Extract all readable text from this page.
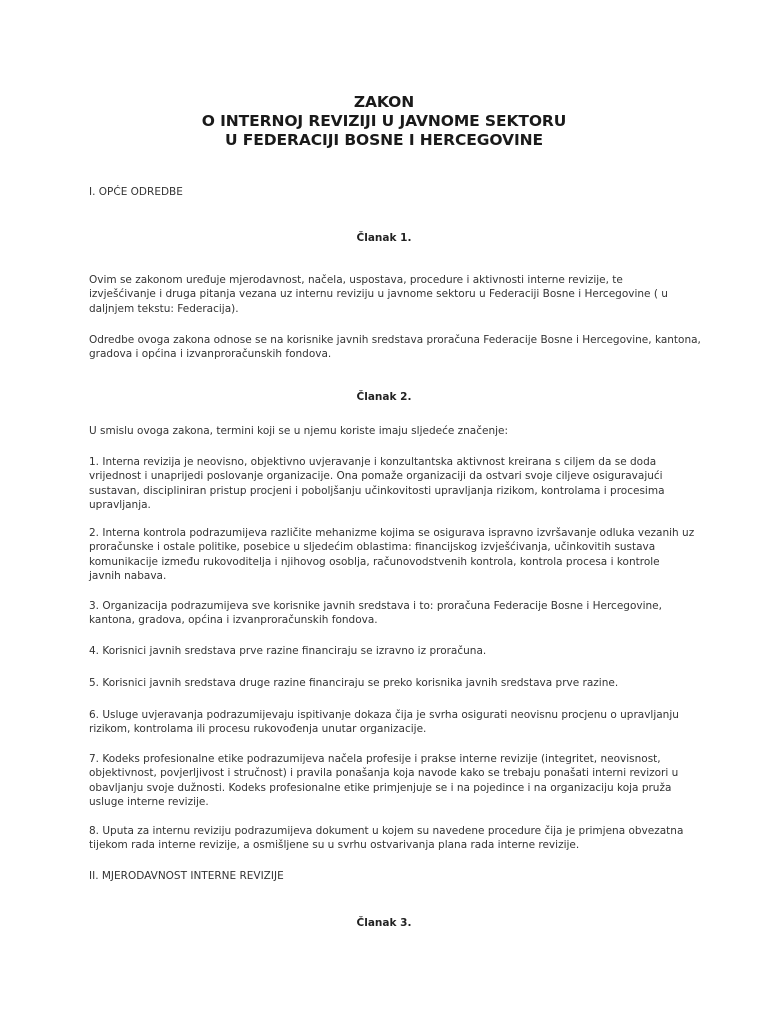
ZAKON
O INTERNOJ REVIZIJI U JAVNOME SEKTORU
U FEDERACIJI BOSNE I HERCEGOVINE
I. OPĆE ODREDBE
Članak 1.
Ovim se zakonom uređuje mjerodavnost, načela, uspostava, procedure i aktivnosti interne revizije, te
izvješćivanje i druga pitanja vezana uz internu reviziju u javnome sektoru u Federaciji Bosne i Hercegovine ( u
daljnjem tekstu: Federacija).
Odredbe ovoga zakona odnose se na korisnike javnih sredstava proračuna Federacije Bosne i Hercegovine, kantona,
gradova i općina i izvanproračunskih fondova.
Članak 2.
U smislu ovoga zakona, termini koji se u njemu koriste imaju sljedeće značenje:
1. Interna revizija je neovisno, objektivno uvjeravanje i konzultantska aktivnost kreirana s ciljem da se doda
vrijednost i unaprijedi poslovanje organizacije. Ona pomaže organizaciji da ostvari svoje ciljeve osiguravajući
sustavan, discipliniran pristup procjeni i poboljšanju učinkovitosti upravljanja rizikom, kontrolama i procesima
upravljanja.
2. Interna kontrola podrazumijeva različite mehanizme kojima se osigurava ispravno izvršavanje odluka vezanih uz
proračunske i ostale politike, posebice u sljedećim oblastima: financijskog izvješćivanja, učinkovitih sustava
komunikacije između rukovoditelja i njihovog osoblja, računovodstvenih kontrola, kontrola procesa i kontrole
javnih nabava.
3. Organizacija podrazumijeva sve korisnike javnih sredstava i to: proračuna Federacije Bosne i Hercegovine,
kantona, gradova, općina i izvanproračunskih fondova.
4. Korisnici javnih sredstava prve razine financiraju se izravno iz proračuna.
5. Korisnici javnih sredstava druge razine financiraju se preko korisnika javnih sredstava prve razine.
6. Usluge uvjeravanja podrazumijevaju ispitivanje dokaza čija je svrha osigurati neovisnu procjenu o upravljanju
rizikom, kontrolama ili procesu rukovođenja unutar organizacije.
7. Kodeks profesionalne etike podrazumijeva načela profesije i prakse interne revizije (integritet, neovisnost,
objektivnost, povjerljivost i stručnost) i pravila ponašanja koja navode kako se trebaju ponašati interni revizori u
obavljanju svoje dužnosti. Kodeks profesionalne etike primjenjuje se i na pojedince i na organizaciju koja pruža
usluge interne revizije.
8. Uputa za internu reviziju podrazumijeva dokument u kojem su navedene procedure čija je primjena obvezatna
tijekom rada interne revizije, a osmišljene su u svrhu ostvarivanja plana rada interne revizije.
II. MJERODAVNOST INTERNE REVIZIJE
Članak 3.
